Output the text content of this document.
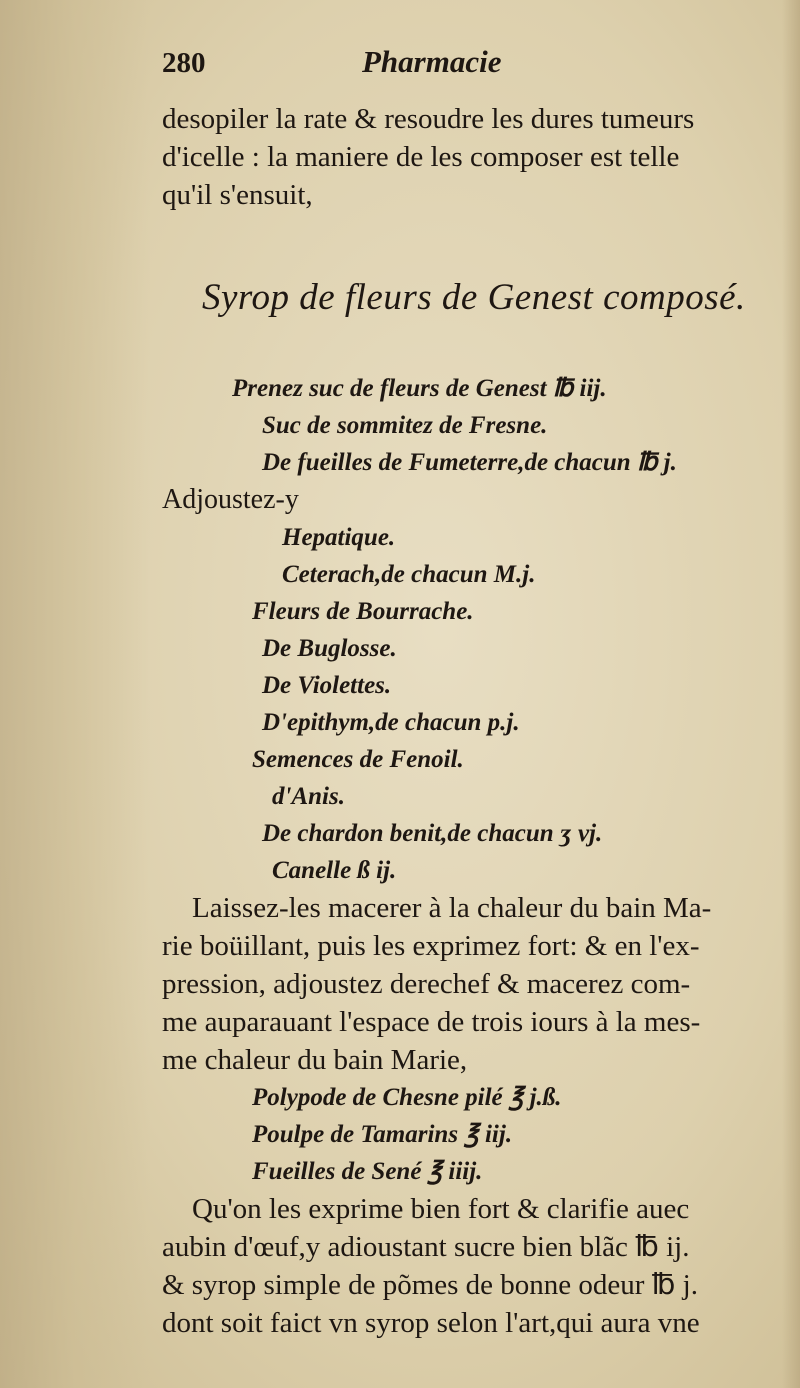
280	Pharmacie
desopiler la rate & resoudre les dures tumeurs
d'icelle : la maniere de les composer est telle
qu'il s'ensuit,
Syrop de fleurs de Genest composé.
Prenez suc de fleurs de Genest ℔ iij.
Suc de sommitez de Fresne.
De fueilles de Fumeterre,de chacun ℔ j.
Adjoustez-y
Hepatique.
Ceterach,de chacun M.j.
Fleurs de Bourrache.
De Buglosse.
De Violettes.
D'epithym,de chacun p.j.
Semences de Fenoil.
d'Anis.
De chardon benit,de chacun ʒ vj.
Canelle ß ij.
Laissez-les macerer à la chaleur du bain Ma-
rie boüillant, puis les exprimez fort: & en l'ex-
pression, adjoustez derechef & macerez com-
me auparauant l'espace de trois iours à la mes-
me chaleur du bain Marie,
Polypode de Chesne pilé ℥ j.ß.
Poulpe de Tamarins ℥ iij.
Fueilles de Sené ℥ iiij.
Qu'on les exprime bien fort & clarifie auec
aubin d'œuf,y adioustant sucre bien blãc ℔ ij.
& syrop simple de põmes de bonne odeur ℔ j.
dont soit faict vn syrop selon l'art,qui aura vne
